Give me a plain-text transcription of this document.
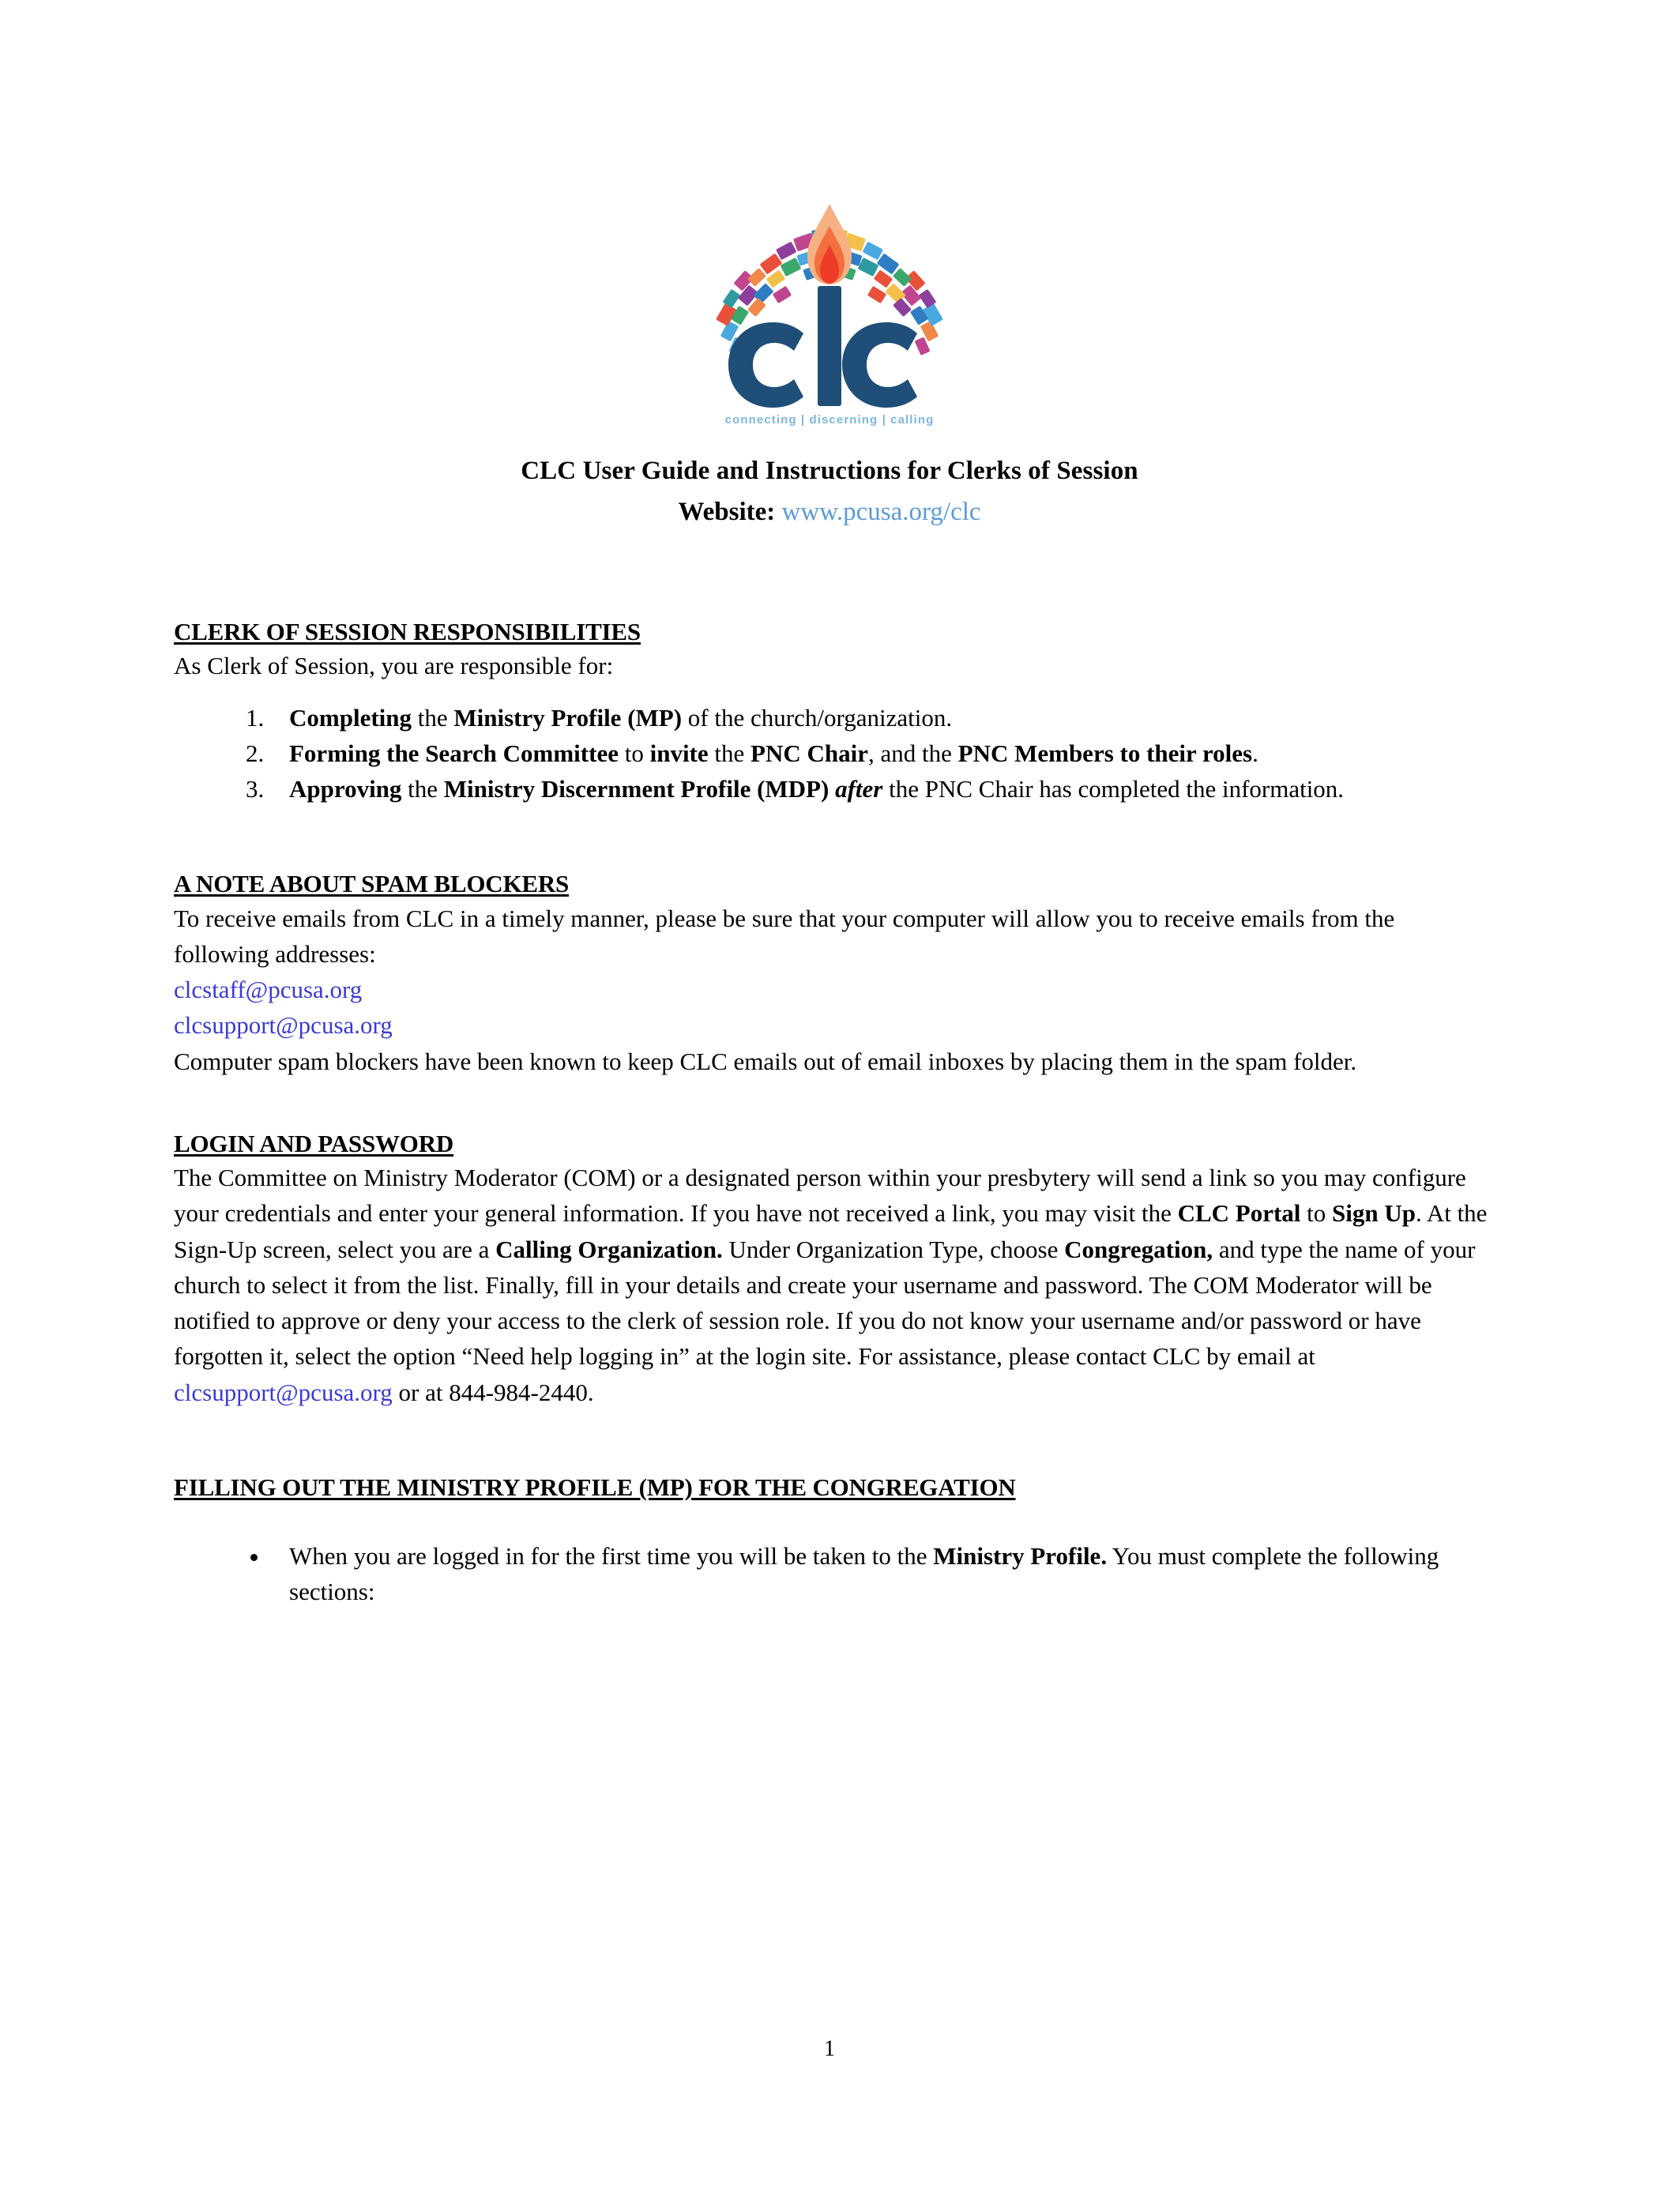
connecting | discerning | calling
CLC User Guide and Instructions for Clerks of Session
Website: www.pcusa.org/clc
CLERK OF SESSION RESPONSIBILITIES

As Clerk of Session, you are responsible for:

1. Completing the Ministry Profile (MP) of the church/organization.
2. Forming the Search Committee to invite the PNC Chair, and the PNC Members to their roles.
3. Approving the Ministry Discernment Profile (MDP) after the PNC Chair has completed the information.
A NOTE ABOUT SPAM BLOCKERS

To receive emails from CLC in a timely manner, please be sure that your computer will allow you to receive emails from the following addresses:

clcstaff@pcusa.org
clcsupport@pcusa.org

Computer spam blockers have been known to keep CLC emails out of email inboxes by placing them in the spam folder.

LOGIN AND PASSWORD

The Committee on Ministry Moderator (COM) or a designated person within your presbytery will send a link so you may configure your credentials and enter your general information. If you have not received a link, you may visit the CLC Portal to Sign Up. At the Sign-Up screen, select you are a Calling Organization. Under Organization Type, choose Congregation, and type the name of your church to select it from the list. Finally, fill in your details and create your username and password. The COM Moderator will be notified to approve or deny your access to the clerk of session role. If you do not know your username and/or password or have forgotten it, select the option “Need help logging in” at the login site. For assistance, please contact CLC by email at clcsupport@pcusa.org or at 844-984-2440.

FILLING OUT THE MINISTRY PROFILE (MP) FOR THE CONGREGATION
• When you are logged in for the first time you will be taken to the Ministry Profile. You must complete the following sections:
1
